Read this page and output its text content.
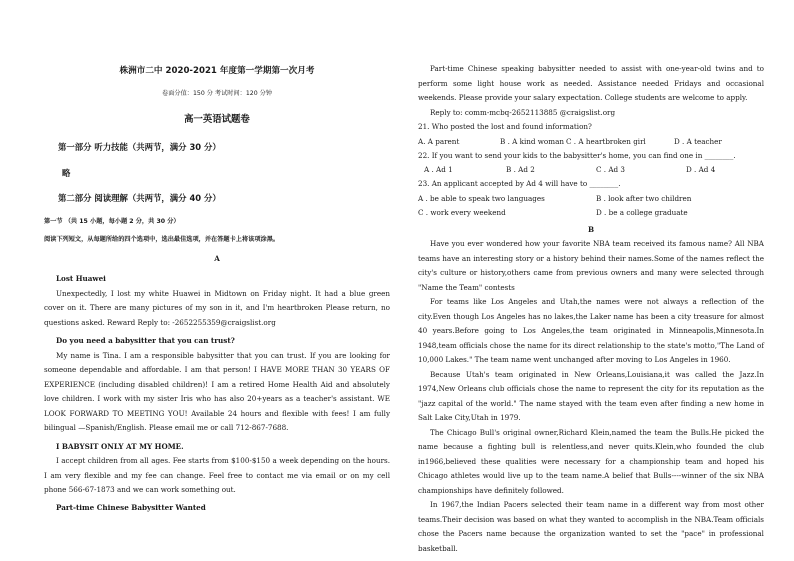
株洲市二中 2020-2021 年度第一学期第一次月考

卷面分值：150 分 考试时间：120 分钟

高一英语试题卷

第一部分 听力技能（共两节，满分 30 分）

略

第二部分 阅读理解（共两节，满分 40 分）

第一节 （共 15 小题，每小题 2 分，共 30 分）

阅读下列短文，从每题所给的四个选项中，选出最佳选项，并在答题卡上将该项涂黑。

A

Lost Huawei

Unexpectedly, I lost my white Huawei in Midtown on Friday night. It had a blue green cover on it. There are many pictures of my son in it, and I'm heartbroken Please return, no questions asked. Reward Reply to: -2652255359@craigslist.org

Do you need a babysitter that you can trust?

My name is Tina. I am a responsible babysitter that you can trust. If you are looking for someone dependable and affordable. I am that person! I HAVE MORE THAN 30 YEARS OF EXPERIENCE (including disabled children)! I am a retired Home Health Aid and absolutely love children. I work with my sister Iris who has also 20+years as a teacher's assistant. WE LOOK FORWARD TO MEETING YOU! Available 24 hours and flexible with fees! I am fully bilingual —Spanish/English. Please email me or call 712-867-7688.

I BABYSIT ONLY AT MY HOME.

I accept children from all ages. Fee starts from $100-$150 a week depending on the hours. I am very flexible and my fee can change. Feel free to contact me via email or on my cell phone 566-67-1873 and we can work something out.

Part-time Chinese Babysitter Wanted

Part-time Chinese speaking babysitter needed to assist with one-year-old twins and to perform some light house work as needed. Assistance needed Fridays and occasional weekends. Please provide your salary expectation. College students are welcome to apply.

Reply to: comm-mcbq-2652113885 @craigslist.org

21. Who posted the lost and found information?

A. A parent	B . A kind woman C . A heartbroken girl	D . A teacher

22. If you want to send your kids to the babysitter's home, you can find one in ________.

A . Ad 1	B . Ad 2	C . Ad 3	D . Ad 4

23. An applicant accepted by Ad 4 will have to ________.

A . be able to speak two languages	B . look after two children
C . work every weekend	D . be a college graduate

B

Have you ever wondered how your favorite NBA team received its famous name? All NBA teams have an interesting story or a history behind their names.Some of the names reflect the city's culture or history,others came from previous owners and many were selected through "Name the Team" contests

For teams like Los Angeles and Utah,the names were not always a reflection of the city.Even though Los Angeles has no lakes,the Laker name has been a city treasure for almost 40 years.Before going to Los Angeles,the team originated in Minneapolis,Minnesota.In 1948,team officials chose the name for its direct relationship to the state's motto,"The Land of 10,000 Lakes." The team name went unchanged after moving to Los Angeles in 1960.

Because Utah's team originated in New Orleans,Louisiana,it was called the Jazz.In 1974,New Orleans club officials chose the name to represent the city for its reputation as the "jazz capital of the world." The name stayed with the team even after finding a new home in Salt Lake City,Utah in 1979.

The Chicago Bull's original owner,Richard Klein,named the team the Bulls.He picked the name because a fighting bull is relentless,and never quits.Klein,who founded the club in1966,believed these qualities were necessary for a championship team and hoped his Chicago athletes would live up to the team name.A belief that Bulls----winner of the six NBA championships have definitely followed.

In 1967,the Indian Pacers selected their team name in a different way from most other teams.Their decision was based on what they wanted to accomplish in the NBA.Team officials chose the Pacers name because the organization wanted to set the "pace" in professional basketball.
